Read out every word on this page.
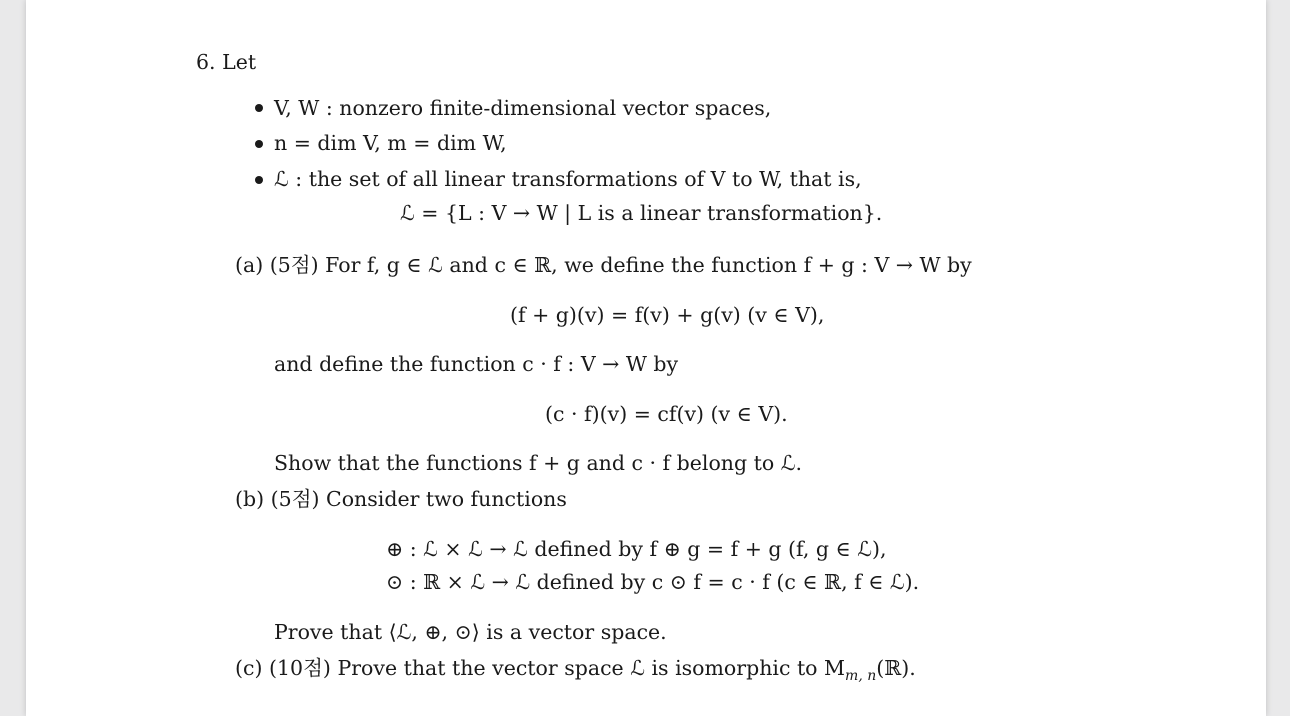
6. Let
V, W : nonzero finite-dimensional vector spaces,
n = dim V, m = dim W,
ℒ : the set of all linear transformations of V to W, that is,
ℒ = {L : V → W | L is a linear transformation}.
(a) (5점) For f, g ∈ ℒ and c ∈ ℝ, we define the function f + g : V → W by
(f + g)(v) = f(v) + g(v) (v ∈ V),
and define the function c · f : V → W by
(c · f)(v) = cf(v) (v ∈ V).
Show that the functions f + g and c · f belong to ℒ.
(b) (5점) Consider two functions
⊕ : ℒ × ℒ → ℒ defined by f ⊕ g = f + g (f, g ∈ ℒ),
⊙ : ℝ × ℒ → ℒ defined by c ⊙ f = c · f (c ∈ ℝ, f ∈ ℒ).
Prove that ⟨ℒ, ⊕, ⊙⟩ is a vector space.
(c) (10점) Prove that the vector space ℒ is isomorphic to $M_{m, n}(ℝ)$.
